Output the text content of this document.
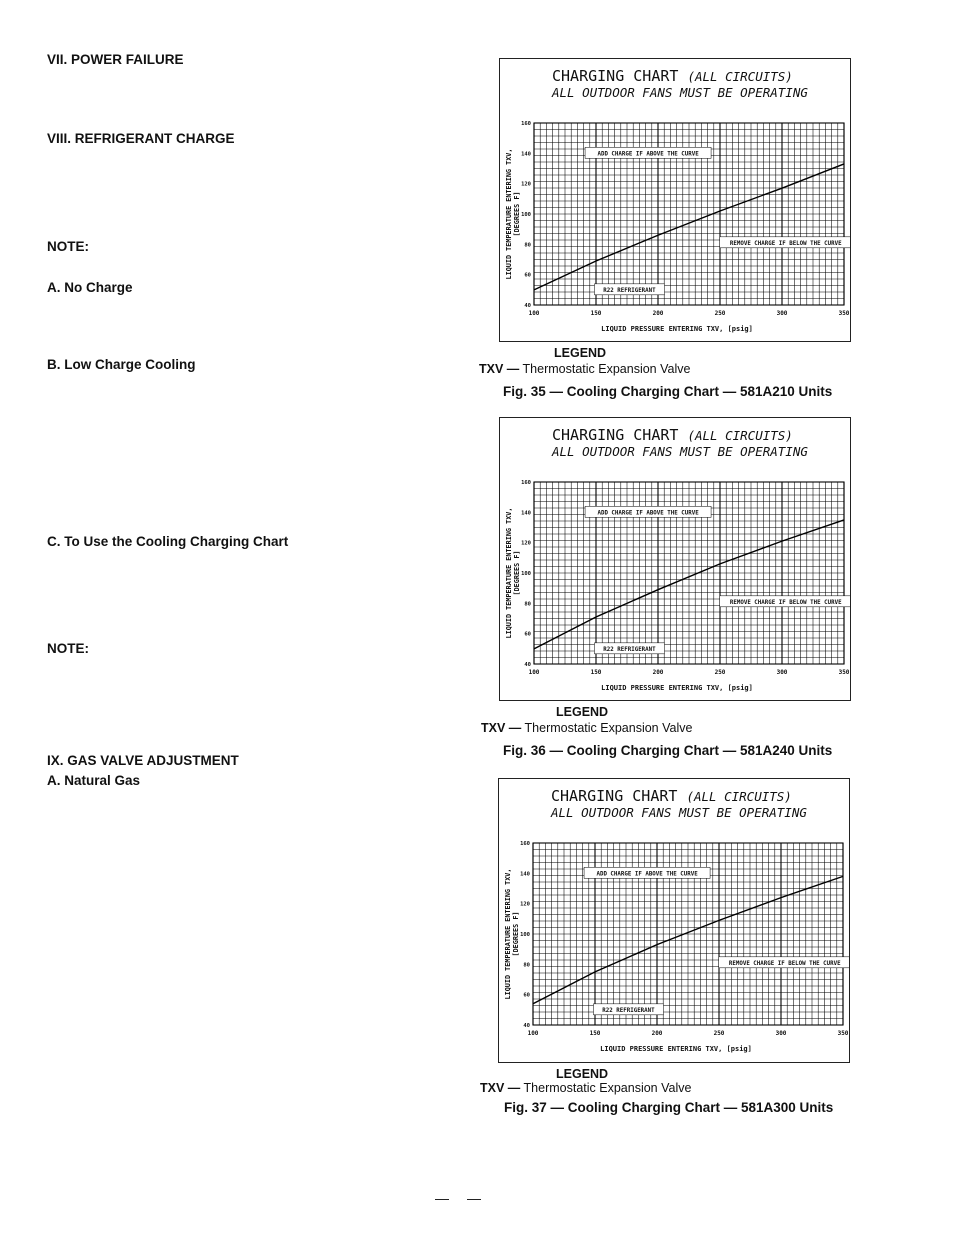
VII. POWER FAILURE
VIII. REFRIGERANT CHARGE
NOTE:
A. No Charge
B. Low Charge Cooling
C. To Use the Cooling Charging Chart
NOTE:
IX. GAS VALVE ADJUSTMENT
A. Natural Gas
CHARGING CHART (ALL CIRCUITS)
ALL OUTDOOR FANS MUST BE OPERATING
100	150	200	250	300	350
40
60
80
100
120
140
160
LIQUID PRESSURE ENTERING TXV, [psig]
LIQUID TEMPERATURE ENTERING TXV, [DEGREES F]
ADD CHARGE IF ABOVE THE CURVE
REMOVE CHARGE IF BELOW THE CURVE
R22 REFRIGERANT
LEGEND
TXV — Thermostatic Expansion Valve
Fig. 35 — Cooling Charging Chart — 581A210 Units
CHARGING CHART (ALL CIRCUITS)
ALL OUTDOOR FANS MUST BE OPERATING
100	150	200	250	300	350
40
60
80
100
120
140
160
LIQUID PRESSURE ENTERING TXV, [psig]
LIQUID TEMPERATURE ENTERING TXV, [DEGREES F]
ADD CHARGE IF ABOVE THE CURVE
REMOVE CHARGE IF BELOW THE CURVE
R22 REFRIGERANT
LEGEND
TXV — Thermostatic Expansion Valve
Fig. 36 — Cooling Charging Chart — 581A240 Units
CHARGING CHART (ALL CIRCUITS)
ALL OUTDOOR FANS MUST BE OPERATING
100	150	200	250	300	350
40
60
80
100
120
140
160
LIQUID PRESSURE ENTERING TXV, [psig]
LIQUID TEMPERATURE ENTERING TXV, [DEGREES F]
ADD CHARGE IF ABOVE THE CURVE
REMOVE CHARGE IF BELOW THE CURVE
R22 REFRIGERANT
LEGEND
TXV — Thermostatic Expansion Valve
Fig. 37 — Cooling Charging Chart — 581A300 Units
